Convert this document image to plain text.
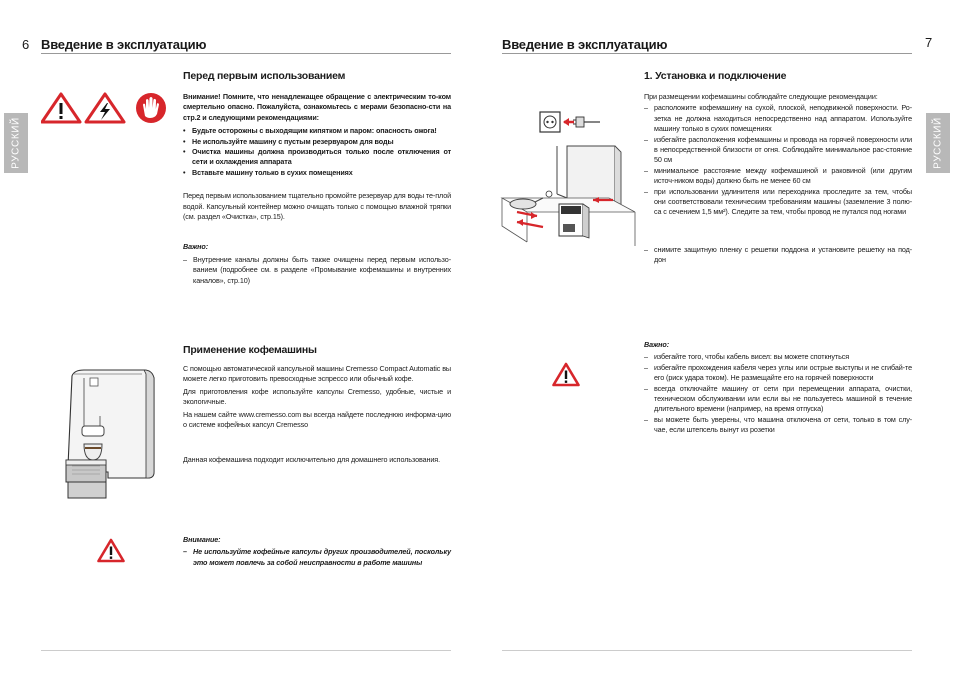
6 Введение в эксплуатацию
РУССКИЙ
Перед первым использованием

Внимание! Помните, что ненадлежащее обращение с электрическим то-ком смертельно опасно. Пожалуйста, ознакомьтесь с мерами безопасно-сти на стр.2 и следующими рекомендациями:

• Будьте осторожны с выходящим кипятком и паром: опасность ожога!
• Не используйте машину с пустым резервуаром для воды
• Очистка машины должна производиться только после отключения от сети и охлаждения аппарата
• Вставьте машину только в сухих помещениях

Перед первым использованием тщательно промойте резервуар для воды те-плой водой. Капсульный контейнер можно очищать только с помощью влажной тряпки (см. раздел «Очистка», стр.15).

Важно:

– Внутренние каналы должны быть также очищены перед первым использо-ванием (подробнее см. в разделе «Промывание кофемашины и внутренних каналов», стр.10)
Применение кофемашины

С помощью автоматической капсульной машины Cremesso Compact Automatic вы можете легко приготовить превосходные эспрессо или обычный кофе.

Для приготовления кофе используйте капсулы Cremesso, удобные, чистые и экологичные.

На нашем сайте www.cremesso.com вы всегда найдете последнюю информа-цию о системе кофейных капсул Cremesso

Данная кофемашина подходит исключительно для домашнего использования.

Внимание:

– Не используйте кофейные капсулы других производителей, поскольку это может повлечь за собой неисправности в работе машины
Введение в эксплуатацию	7
РУССКИЙ
1. Установка и подключение

При размещении кофемашины соблюдайте следующие рекомендации:

– расположите кофемашину на сухой, плоской, неподвижной поверхности. Ро-зетка не должна находиться непосредственно над аппаратом. Используйте машину только в сухих помещениях
– избегайте расположения кофемашины и провода на горячей поверхности или в непосредственной близости от огня. Соблюдайте минимальное рас-стояние 50 см
– минимальное расстояние между кофемашиной и раковиной (или другим источ-ником воды) должно быть не менее 60 см
– при использовании удлинителя или переходника проследите за тем, чтобы они соответствовали техническим требованиям машины (заземление 3 полю-са с сечением 1,5 мм²). Следите за тем, чтобы провод не путался под ногами
– снимите защитную пленку с решетки поддона и установите решетку на под-дон

Важно:

– избегайте того, чтобы кабель висел: вы можете споткнуться
– избегайте прохождения кабеля через углы или острые выступы и не сгибай-те его (риск удара током). Не размещайте его на горячей поверхности
– всегда отключайте машину от сети при перемещении аппарата, очистки, техническом обслуживании или если вы не пользуетесь машиной в течение длительного времени (например, на время отпуска)
– вы можете быть уверены, что машина отключена от сети, только в том слу-чае, если штепсель вынут из розетки
